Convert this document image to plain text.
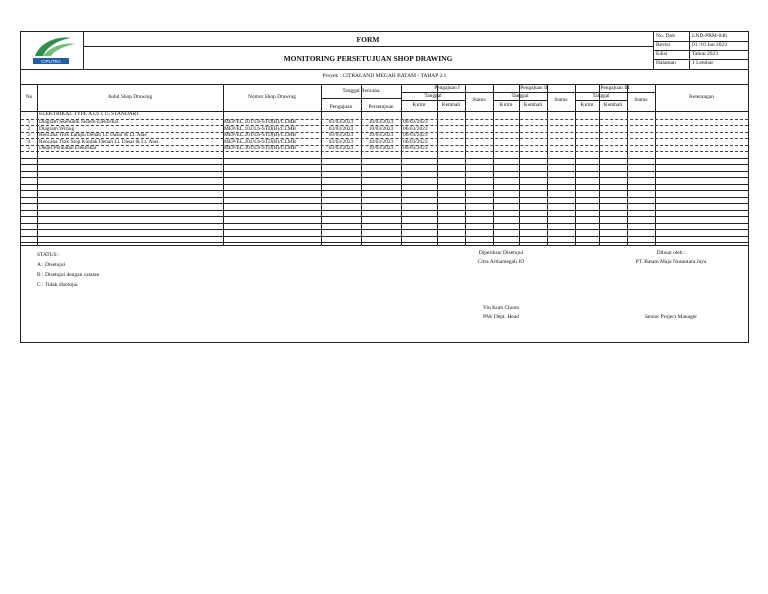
CIPUTRA
FORM
MONITORING PERSETUJUAN SHOP DRAWING
No. Dok	LND-PRM-046
Revisi	01 /10 Jan 2023
Edisi	Tahun 2023
Halaman	1 Lembar
Proyek : CITRALAND MEGAH BATAM - TAHAP 2.1
No	Judul Shop Drawing	Nomor Shop Drawing
Tanggal Rencana
Pengajuan	Persetujuan
Pengajuan I
Tanggal
Kirim	Kembali
Status
Pengajuan II
Tanggal
Kirim	Kembali
Status
Pengajuan III
Tanggal
Kirim	Kembali
Status	Keterangan
ELEKTRIKAL TYPE A L6 x 15 STANDART
1	Diagram Skematik Sistem Elektrikal	MEP/EL.101/L6-STD(B)/CLMB	03/03/2023	10/03/2023	06/03/2023
2	Diagram Wiring	MEP/EL.102/L6-STD(B)/CLMB	03/03/2023	10/03/2023	06/03/2023
3	Rencana Titik Lampu Denah Lt. Dasar & Lt. Atas	MEP/EL.201/L6-STD(B)/CLMB	03/03/2023	10/03/2023	06/03/2023
4	Rencana Titik Stop Kontak Denah Lt. Dasar & Lt. Atas	MEP/EL.202/L6-STD(B)/CLMB	03/03/2023	10/03/2023	06/03/2023
5	Detail Peralatan Elektrikal	MEP/EL.301/L6-STD(B)/CLMB	03/03/2023	10/03/2023	06/03/2023
STATUS :
A : Disetujui
B : Disetujui dengan catatan
C : Tidak disetujui
Diperiksa/ Disetujui
Citra Arthamegah JO
Yin Kum Choon
PM/ Dept. Head
Dibuat oleh :
PT. Batam Maju Nusantara Jaya
Senior Project Manager
